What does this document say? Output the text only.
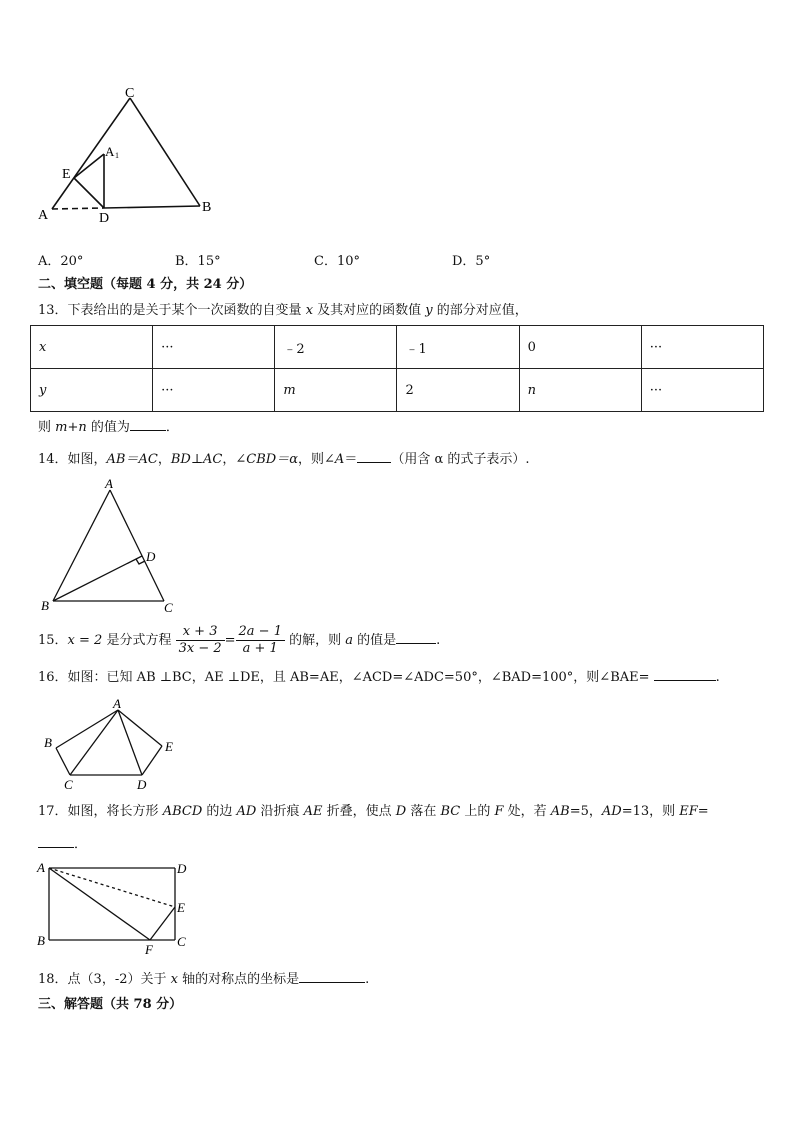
C
A 1
E
A	D
B
A．20°	B．15°	C．10°	D．5°
二、填空题（每题 4 分，共 24 分）
13．下表给出的是关于某个一次函数的自变量 x 及其对应的函数值 y 的部分对应值，
x	···	﹣2	﹣1	0	···
y	···	m	2	n	···
则 m+n 的值为	．
14．如图，AB＝AC，BD⊥AC，∠CBD＝α，则∠A＝	（用含 α 的式子表示）.
A
D
B	C
15．x = 2 是分式方程 $\frac{x + 3}{3x - 2} = \frac{2a - 1}{a + 1}$ 的解，则 a 的值是	.
16．如图：已知 AB ⊥BC，AE ⊥DE，且 AB=AE，∠ACD=∠ADC=50°，∠BAD=100°，则∠BAE=	.
A
B	E
C	D
17．如图，将长方形 ABCD 的边 AD 沿折痕 AE 折叠，使点 D 落在 BC 上的 F 处，若 AB=5，AD=13，则 EF=
．
A	D
E
B
F
C
18．点（3，-2）关于 x 轴的对称点的坐标是	.
三、解答题（共 78 分）
